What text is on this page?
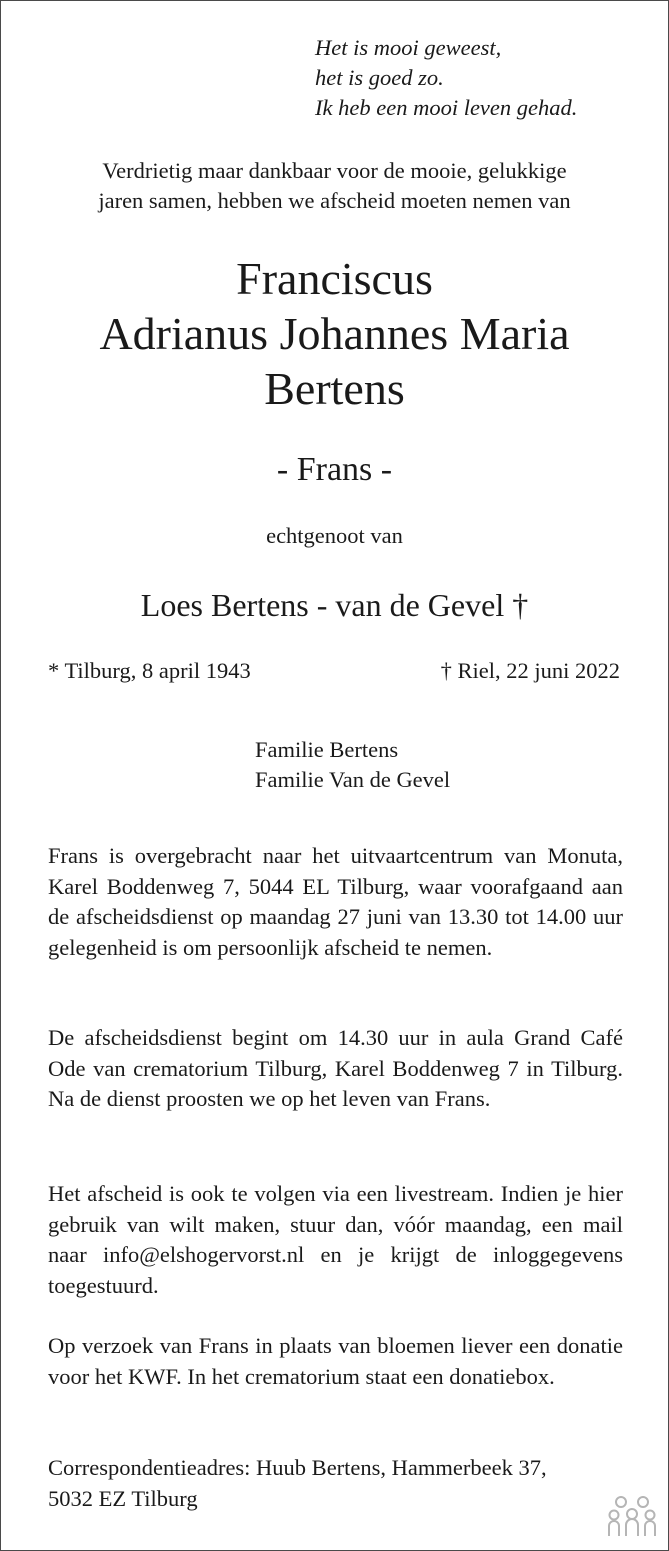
Het is mooi geweest,
het is goed zo.
Ik heb een mooi leven gehad.
Verdrietig maar dankbaar voor de mooie, gelukkige
jaren samen, hebben we afscheid moeten nemen van
Franciscus
Adrianus Johannes Maria
Bertens
- Frans -
echtgenoot van
Loes Bertens - van de Gevel †
* Tilburg, 8 april 1943	† Riel, 22 juni 2022
Familie Bertens
Familie Van de Gevel
Frans is overgebracht naar het uitvaartcentrum van Monuta, Karel Boddenweg 7, 5044 EL Tilburg, waar voorafgaand aan de afscheidsdienst op maandag 27 juni van 13.30 tot 14.00 uur gelegenheid is om persoonlijk afscheid te nemen.
De afscheidsdienst begint om 14.30 uur in aula Grand Café Ode van crematorium Tilburg, Karel Boddenweg 7 in Tilburg. Na de dienst proosten we op het leven van Frans.
Het afscheid is ook te volgen via een livestream. Indien je hier gebruik van wilt maken, stuur dan, vóór maandag, een mail naar info@elshogervorst.nl en je krijgt de inloggegevens toegestuurd.
Op verzoek van Frans in plaats van bloemen liever een donatie voor het KWF. In het crematorium staat een donatiebox.
Correspondentieadres: Huub Bertens, Hammerbeek 37,
5032 EZ Tilburg
